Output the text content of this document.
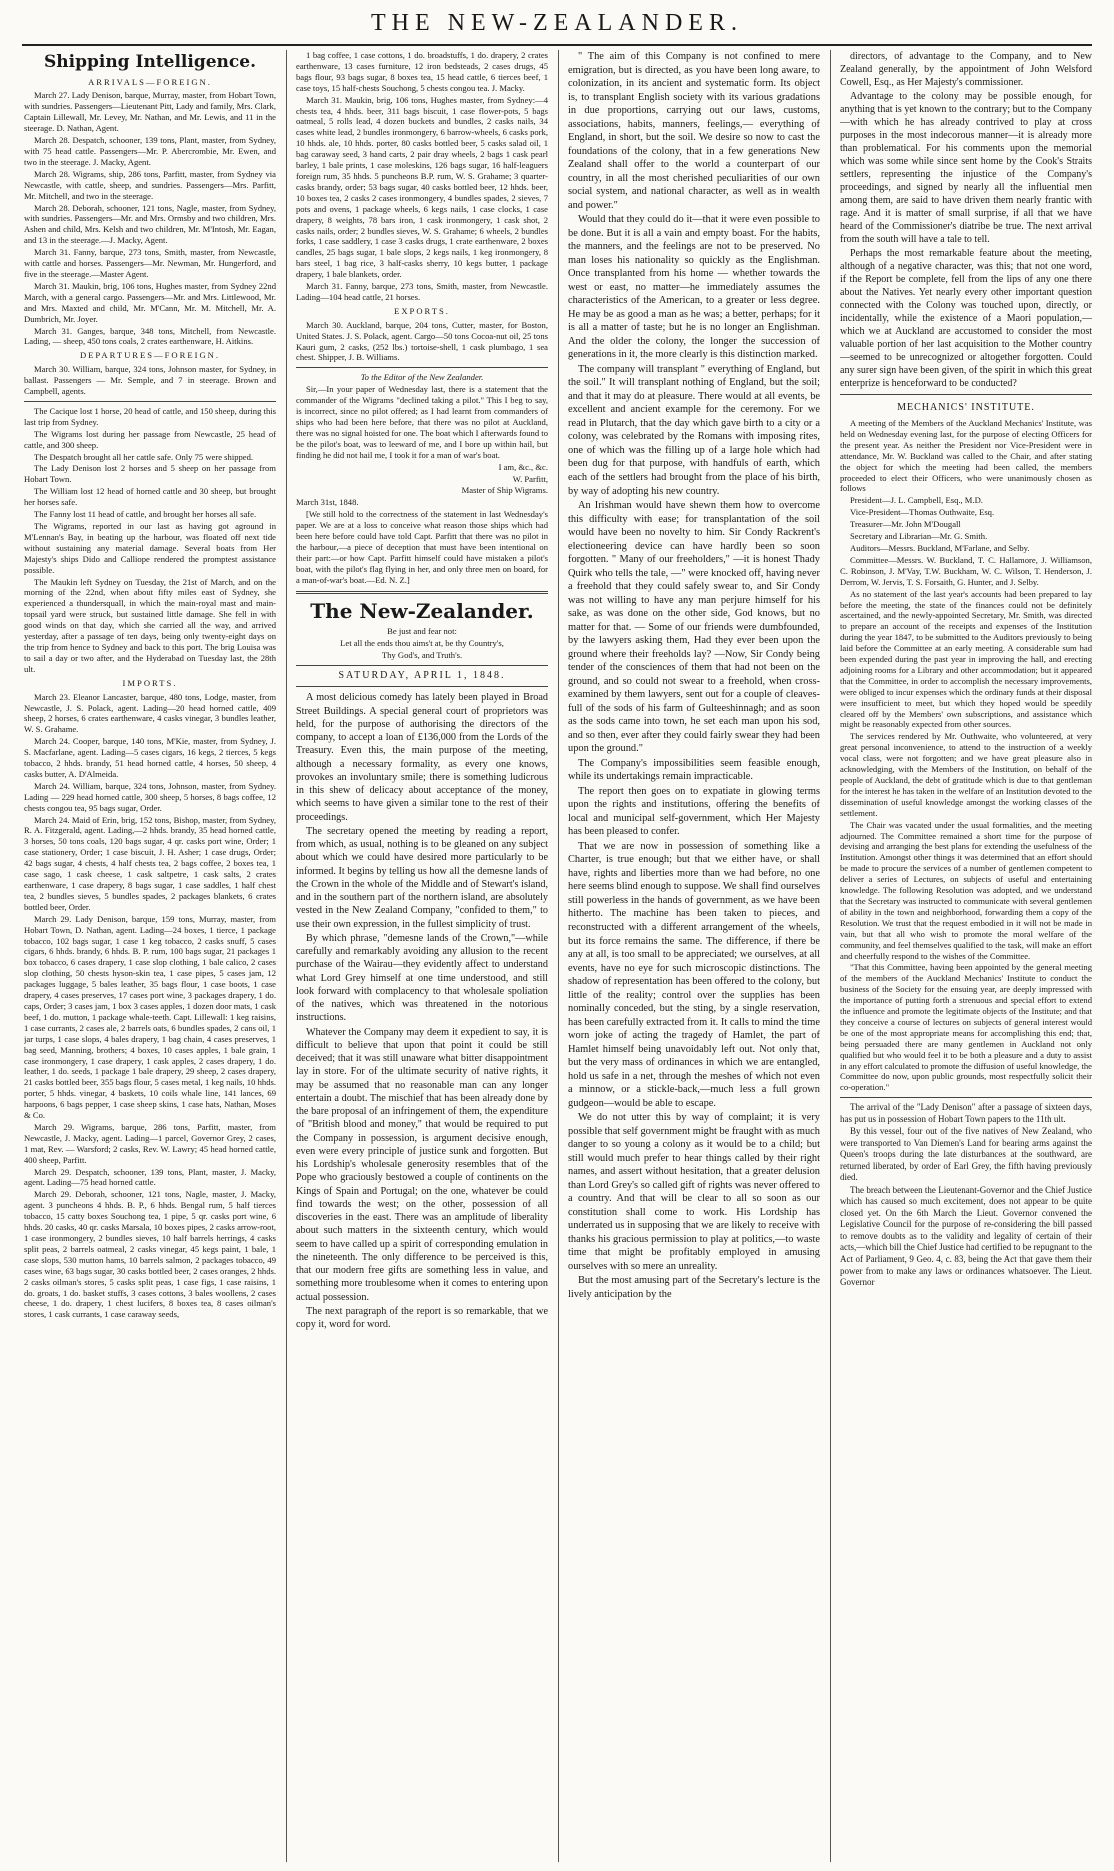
THE NEW-ZEALANDER.
Shipping Intelligence.
ARRIVALS—FOREIGN.

March 27. Lady Denison, barque, Murray, master, from Hobart Town, with sundries. Passengers—Lieutenant Pitt, Lady and family, Mrs. Clark, Captain Lillewall, Mr. Levey, Mr. Nathan, and Mr. Lewis, and 11 in the steerage. D. Nathan, Agent.

March 28. Despatch, schooner, 139 tons, Plant, master, from Sydney, with 75 head cattle. Passengers—Mr. P. Abercrombie, Mr. Ewen, and two in the steerage. J. Macky, Agent.

March 28. Wigrams, ship, 286 tons, Parfitt, master, from Sydney via Newcastle, with cattle, sheep, and sundries. Passengers—Mrs. Parfitt, Mr. Mitchell, and two in the steerage.

March 28. Deborah, schooner, 121 tons, Nagle, master, from Sydney, with sundries. Passengers—Mr. and Mrs. Ormsby and two children, Mrs. Ashen and child, Mrs. Kelsh and two children, Mr. M'Intosh, Mr. Eagan, and 13 in the steerage.—J. Macky, Agent.

March 31. Fanny, barque, 273 tons, Smith, master, from Newcastle, with cattle and horses. Passengers—Mr. Newman, Mr. Hungerford, and five in the steerage.—Master Agent.

March 31. Maukin, brig, 106 tons, Hughes master, from Sydney 22nd March, with a general cargo. Passengers—Mr. and Mrs. Littlewood, Mr. and Mrs. Maxted and child, Mr. M'Cann, Mr. M. Mitchell, Mr. A. Dumbrich, Mr. Joyer.

March 31. Ganges, barque, 348 tons, Mitchell, from Newcastle. Lading, — sheep, 450 tons coals, 2 crates earthenware, H. Aitkins.

DEPARTURES—FOREIGN.

March 30. William, barque, 324 tons, Johnson master, for Sydney, in ballast. Passengers — Mr. Semple, and 7 in steerage. Brown and Campbell, agents.

The Cacique lost 1 horse, 20 head of cattle, and 150 sheep, during this last trip from Sydney.

The Wigrams lost during her passage from Newcastle, 25 head of cattle, and 300 sheep.

The Despatch brought all her cattle safe. Only 75 were shipped.

The Lady Denison lost 2 horses and 5 sheep on her passage from Hobart Town.

The William lost 12 head of horned cattle and 30 sheep, but brought her horses safe.

The Fanny lost 11 head of cattle, and brought her horses all safe.

The Wigrams, reported in our last as having got aground in M'Lennan's Bay, in beating up the harbour, was floated off next tide without sustaining any material damage. Several boats from Her Majesty's ships Dido and Calliope rendered the promptest assistance possible.

The Maukin left Sydney on Tuesday, the 21st of March, and on the morning of the 22nd, when about fifty miles east of Sydney, she experienced a thundersquall, in which the main-royal mast and main-topsail yard were struck, but sustained little damage. She fell in with good winds on that day, which she carried all the way, and arrived yesterday, after a passage of ten days, being only twenty-eight days on the trip from hence to Sydney and back to this port. The brig Louisa was to sail a day or two after, and the Hyderabad on Tuesday last, the 28th ult.

IMPORTS.

March 23. Eleanor Lancaster, barque, 480 tons, Lodge, master, from Newcastle, J. S. Polack, agent. Lading—20 head horned cattle, 409 sheep, 2 horses, 6 crates earthenware, 4 casks vinegar, 3 bundles leather, W. S. Grahame.

March 24. Cooper, barque, 140 tons, M'Kie, master, from Sydney, J. S. Macfarlane, agent. Lading—5 cases cigars, 16 kegs, 2 tierces, 5 kegs tobacco, 2 hhds. brandy, 51 head horned cattle, 4 horses, 50 sheep, 4 casks butter, A. D'Almeida.

March 24. William, barque, 324 tons, Johnson, master, from Sydney. Lading — 229 head horned cattle, 300 sheep, 5 horses, 8 bags coffee, 12 chests congou tea, 95 bags sugar, Order.

March 24. Maid of Erin, brig, 152 tons, Bishop, master, from Sydney, R. A. Fitzgerald, agent. Lading,—2 hhds. brandy, 35 head horned cattle, 3 horses, 50 tons coals, 120 bags sugar, 4 qr. casks port wine, Order; 1 case stationery, Order; 1 case biscuit, J. H. Asher; 1 case drugs, Order; 42 bags sugar, 4 chests, 4 half chests tea, 2 bags coffee, 2 boxes tea, 1 case sago, 1 cask cheese, 1 cask saltpetre, 1 cask salts, 2 crates earthenware, 1 case drapery, 8 bags sugar, 1 case saddles, 1 half chest tea, 2 bundles sieves, 5 bundles spades, 2 packages blankets, 6 crates bottled beer, Order.

March 29. Lady Denison, barque, 159 tons, Murray, master, from Hobart Town, D. Nathan, agent. Lading—24 boxes, 1 tierce, 1 package tobacco, 102 bags sugar, 1 case 1 keg tobacco, 2 casks snuff, 5 cases cigars, 6 hhds. brandy, 6 hhds. B. P. rum, 100 bags sugar, 21 packages 1 box tobacco, 6 cases drapery, 1 case slop clothing, 1 bale calico, 2 cases slop clothing, 50 chests hyson-skin tea, 1 case pipes, 5 cases jam, 12 packages luggage, 5 bales leather, 35 bags flour, 1 case boots, 1 case drapery, 4 cases preserves, 17 cases port wine, 3 packages drapery, 1 do. caps, Order; 3 cases jam, 1 box 3 cases apples, 1 dozen door mats, 1 cask beef, 1 do. mutton, 1 package whale-teeth. Capt. Lillewall: 1 keg raisins, 1 case currants, 2 cases ale, 2 barrels oats, 6 bundles spades, 2 cans oil, 1 jar turps, 1 case slops, 4 bales drapery, 1 bag chain, 4 cases preserves, 1 bag seed, Manning, brothers; 4 boxes, 10 cases apples, 1 bale grain, 1 case ironmongery, 1 case drapery, 1 cask apples, 2 cases drapery, 1 do. leather, 1 do. seeds, 1 package 1 bale drapery, 29 sheep, 2 cases drapery, 21 casks bottled beer, 355 bags flour, 5 cases metal, 1 keg nails, 10 hhds. porter, 5 hhds. vinegar, 4 baskets, 10 coils whale line, 141 lances, 69 harpoons, 6 bags pepper, 1 case sheep skins, 1 case hats, Nathan, Moses & Co.

March 29. Wigrams, barque, 286 tons, Parfitt, master, from Newcastle, J. Macky, agent. Lading—1 parcel, Governor Grey, 2 cases, 1 mat, Rev. — Warsford; 2 casks, Rev. W. Lawry; 45 head horned cattle, 400 sheep, Parfitt.

March 29. Despatch, schooner, 139 tons, Plant, master, J. Macky, agent. Lading—75 head horned cattle.

March 29. Deborah, schooner, 121 tons, Nagle, master, J. Macky, agent. 3 puncheons 4 hhds. B. P., 6 hhds. Bengal rum, 5 half tierces tobacco, 15 catty boxes Souchong tea, 1 pipe, 5 qr. casks port wine, 6 hhds. 20 casks, 40 qr. casks Marsala, 10 boxes pipes, 2 casks arrow-root, 1 case ironmongery, 2 bundles sieves, 10 half barrels herrings, 4 casks split peas, 2 barrels oatmeal, 2 casks vinegar, 45 kegs paint, 1 bale, 1 case slops, 530 mutton hams, 10 barrels salmon, 2 packages tobacco, 49 cases wine, 63 bags sugar, 30 casks bottled beer, 2 cases oranges, 2 hhds. 2 casks oilman's stores, 5 casks split peas, 1 case figs, 1 case raisins, 1 do. groats, 1 do. basket stuffs, 3 cases cottons, 3 bales woollens, 2 cases cheese, 1 do. drapery, 1 chest lucifers, 8 boxes tea, 8 cases oilman's stores, 1 cask currants, 1 case caraway seeds,

1 bag coffee, 1 case cottons, 1 do. broadstuffs, 1 do. drapery, 2 crates earthenware, 13 cases furniture, 12 iron bedsteads, 2 cases drugs, 45 bags flour, 93 bags sugar, 8 boxes tea, 15 head cattle, 6 tierces beef, 1 case toys, 15 half-chests Souchong, 5 chests congou tea. J. Macky.

March 31. Maukin, brig, 106 tons, Hughes master, from Sydney:—4 chests tea, 4 hhds. beer, 311 bags biscuit, 1 case flower-pots, 5 bags oatmeal, 5 rolls lead, 4 dozen buckets and bundles, 2 casks nails, 34 cases white lead, 2 bundles ironmongery, 6 barrow-wheels, 6 casks pork, 10 hhds. ale, 10 hhds. porter, 80 casks bottled beer, 5 casks salad oil, 1 bag caraway seed, 3 hand carts, 2 pair dray wheels, 2 bags 1 cask pearl barley, 1 bale prints, 1 case moleskins, 126 bags sugar, 16 half-leaguers foreign rum, 35 hhds. 5 puncheons B.P. rum, W. S. Grahame; 3 quarter-casks brandy, order; 53 bags sugar, 40 casks bottled beer, 12 hhds. beer, 10 boxes tea, 2 casks 2 cases ironmongery, 4 bundles spades, 2 sieves, 7 pots and ovens, 1 package wheels, 6 kegs nails, 1 case clocks, 1 case drapery, 8 weights, 78 bars iron, 1 cask ironmongery, 1 cask shot, 2 casks nails, order; 2 bundles sieves, W. S. Grahame; 6 wheels, 2 bundles forks, 1 case saddlery, 1 case 3 casks drugs, 1 crate earthenware, 2 boxes candles, 25 bags sugar, 1 bale slops, 2 kegs nails, 1 keg ironmongery, 8 bars steel, 1 bag rice, 3 half-casks sherry, 10 kegs butter, 1 package drapery, 1 bale blankets, order.

March 31. Fanny, barque, 273 tons, Smith, master, from Newcastle. Lading—104 head cattle, 21 horses.

EXPORTS.

March 30. Auckland, barque, 204 tons, Cutter, master, for Boston, United States. J. S. Polack, agent. Cargo—50 tons Cocoa-nut oil, 25 tons Kauri gum, 2 casks, (252 lbs.) tortoise-shell, 1 cask plumbago, 1 sea chest. Shipper, J. B. Williams.

To the Editor of the New Zealander.

Sir,—In your paper of Wednesday last, there is a statement that the commander of the Wigrams "declined taking a pilot." This I beg to say, is incorrect, since no pilot offered; as I had learnt from commanders of ships who had been here before, that there was no pilot at Auckland, there was no signal hoisted for one. The boat which I afterwards found to be the pilot's boat, was to leeward of me, and I bore up within hail, but finding he did not hail me, I took it for a man of war's boat.

I am, &c., &c.

W. Parfitt,

Master of Ship Wigrams.

March 31st, 1848.

[We still hold to the correctness of the statement in last Wednesday's paper. We are at a loss to conceive what reason those ships which had been here before could have told Capt. Parfitt that there was no pilot in the harbour,—a piece of deception that must have been intentional on their part:—or how Capt. Parfitt himself could have mistaken a pilot's boat, with the pilot's flag flying in her, and only three men on board, for a man-of-war's boat.—Ed. N. Z.]

The New-Zealander.

Be just and fear not:

Let all the ends thou aims't at, be thy Country's,

Thy God's, and Truth's.

SATURDAY, APRIL 1, 1848.

A most delicious comedy has lately been played in Broad Street Buildings. A special general court of proprietors was held, for the purpose of authorising the directors of the company, to accept a loan of £136,000 from the Lords of the Treasury. Even this, the main purpose of the meeting, although a necessary formality, as every one knows, provokes an involuntary smile; there is something ludicrous in this shew of delicacy about acceptance of the money, which seems to have given a similar tone to the rest of their proceedings.

The secretary opened the meeting by reading a report, from which, as usual, nothing is to be gleaned on any subject about which we could have desired more particularly to be informed. It begins by telling us how all the demesne lands of the Crown in the whole of the Middle and of Stewart's island, and in the southern part of the northern island, are absolutely vested in the New Zealand Company, "confided to them," to use their own expression, in the fullest simplicity of trust.

By which phrase, "demesne lands of the Crown,"—while carefully and remarkably avoiding any allusion to the recent purchase of the Wairau—they evidently affect to understand what Lord Grey himself at one time understood, and still look forward with complacency to that wholesale spoliation of the natives, which was threatened in the notorious instructions.

Whatever the Company may deem it expedient to say, it is difficult to believe that upon that point it could be still deceived; that it was still unaware what bitter disappointment lay in store. For of the ultimate security of native rights, it may be assumed that no reasonable man can any longer entertain a doubt. The mischief that has been already done by the bare proposal of an infringement of them, the expenditure of "British blood and money," that would be required to put the Company in possession, is argument decisive enough, even were every principle of justice sunk and forgotten. But his Lordship's wholesale generosity resembles that of the Pope who graciously bestowed a couple of continents on the Kings of Spain and Portugal; on the one, whatever be could find towards the west; on the other, possession of all discoveries in the east. There was an amplitude of liberality about such matters in the sixteenth century, which would seem to have called up a spirit of corresponding emulation in the nineteenth. The only difference to be perceived is this, that our modern free gifts are something less in value, and something more troublesome when it comes to entering upon actual possession.

The next paragraph of the report is so remarkable, that we copy it, word for word.

" The aim of this Company is not confined to mere emigration, but is directed, as you have been long aware, to colonization, in its ancient and systematic form. Its object is, to transplant English society with its various gradations in due proportions, carrying out our laws, customs, associations, habits, manners, feelings,— everything of England, in short, but the soil. We desire so now to cast the foundations of the colony, that in a few generations New Zealand shall offer to the world a counterpart of our country, in all the most cherished peculiarities of our own social system, and national character, as well as in wealth and power."

Would that they could do it—that it were even possible to be done. But it is all a vain and empty boast. For the habits, the manners, and the feelings are not to be preserved. No man loses his nationality so quickly as the Englishman. Once transplanted from his home — whether towards the west or east, no matter—he immediately assumes the characteristics of the American, to a greater or less degree. He may be as good a man as he was; a better, perhaps; for it is all a matter of taste; but he is no longer an Englishman. And the older the colony, the longer the succession of generations in it, the more clearly is this distinction marked.

The company will transplant " everything of England, but the soil." It will transplant nothing of England, but the soil; and that it may do at pleasure. There would at all events, be excellent and ancient example for the ceremony. For we read in Plutarch, that the day which gave birth to a city or a colony, was celebrated by the Romans with imposing rites, one of which was the filling up of a large hole which had been dug for that purpose, with handfuls of earth, which each of the settlers had brought from the place of his birth, by way of adopting his new country.

An Irishman would have shewn them how to overcome this difficulty with ease; for transplantation of the soil would have been no novelty to him. Sir Condy Rackrent's electioneering device can have hardly been so soon forgotten. " Many of our freeholders," —it is honest Thady Quirk who tells the tale, —" were knocked off, having never a freehold that they could safely swear to, and Sir Condy was not willing to have any man perjure himself for his sake, as was done on the other side, God knows, but no matter for that. — Some of our friends were dumbfounded, by the lawyers asking them, Had they ever been upon the ground where their freeholds lay? —Now, Sir Condy being tender of the consciences of them that had not been on the ground, and so could not swear to a freehold, when cross-examined by them lawyers, sent out for a couple of cleaves-full of the sods of his farm of Gulteeshinnagh; and as soon as the sods came into town, he set each man upon his sod, and so then, ever after they could fairly swear they had been upon the ground."

The Company's impossibilities seem feasible enough, while its undertakings remain impracticable.

The report then goes on to expatiate in glowing terms upon the rights and institutions, offering the benefits of local and municipal self-government, which Her Majesty has been pleased to confer.

That we are now in possession of something like a Charter, is true enough; but that we either have, or shall have, rights and liberties more than we had before, no one here seems blind enough to suppose. We shall find ourselves still powerless in the hands of government, as we have been hitherto. The machine has been taken to pieces, and reconstructed with a different arrangement of the wheels, but its force remains the same. The difference, if there be any at all, is too small to be appreciated; we ourselves, at all events, have no eye for such microscopic distinctions. The shadow of representation has been offered to the colony, but little of the reality; control over the supplies has been nominally conceded, but the sting, by a single reservation, has been carefully extracted from it. It calls to mind the time worn joke of acting the tragedy of Hamlet, the part of Hamlet himself being unavoidably left out. Not only that, but the very mass of ordinances in which we are entangled, hold us safe in a net, through the meshes of which not even a minnow, or a stickle-back,—much less a full grown gudgeon—would be able to escape.

We do not utter this by way of complaint; it is very possible that self government might be fraught with as much danger to so young a colony as it would be to a child; but still would much prefer to hear things called by their right names, and assert without hesitation, that a greater delusion than Lord Grey's so called gift of rights was never offered to a country. And that will be clear to all so soon as our constitution shall come to work. His Lordship has underrated us in supposing that we are likely to receive with thanks his gracious permission to play at politics,—to waste time that might be profitably employed in amusing ourselves with so mere an unreality.

But the most amusing part of the Secretary's lecture is the lively anticipation by the

directors, of advantage to the Company, and to New Zealand generally, by the appointment of John Welsford Cowell, Esq., as Her Majesty's commissioner.

Advantage to the colony may be possible enough, for anything that is yet known to the contrary; but to the Company—with which he has already contrived to play at cross purposes in the most indecorous manner—it is already more than problematical. For his comments upon the memorial which was some while since sent home by the Cook's Straits settlers, representing the injustice of the Company's proceedings, and signed by nearly all the influential men among them, are said to have driven them nearly frantic with rage. And it is matter of small surprise, if all that we have heard of the Commissioner's diatribe be true. The next arrival from the south will have a tale to tell.

Perhaps the most remarkable feature about the meeting, although of a negative character, was this; that not one word, if the Report be complete, fell from the lips of any one there about the Natives. Yet nearly every other important question connected with the Colony was touched upon, directly, or incidentally, while the existence of a Maori population,—which we at Auckland are accustomed to consider the most valuable portion of her last acquisition to the Mother country—seemed to be unrecognized or altogether forgotten. Could any surer sign have been given, of the spirit in which this great enterprize is henceforward to be conducted?

MECHANICS' INSTITUTE.

A meeting of the Members of the Auckland Mechanics' Institute, was held on Wednesday evening last, for the purpose of electing Officers for the present year. As neither the President nor Vice-President were in attendance, Mr. W. Buckland was called to the Chair, and after stating the object for which the meeting had been called, the members proceeded to elect their Officers, who were unanimously chosen as follows

President—J. L. Campbell, Esq., M.D.

Vice-President—Thomas Outhwaite, Esq.

Treasurer—Mr. John M'Dougall

Secretary and Librarian—Mr. G. Smith.

Auditors—Messrs. Buckland, M'Farlane, and Selby.

Committee—Messrs. W. Buckland, T. C. Hallamore, J. Williamson, C. Robinson, J. M'Vay, T.W. Buckham, W. C. Wilson, T. Henderson, J. Derrom, W. Jervis, T. S. Forsaith, G. Hunter, and J. Selby.

As no statement of the last year's accounts had been prepared to lay before the meeting, the state of the finances could not be definitely ascertained, and the newly-appointed Secretary, Mr. Smith, was directed to prepare an account of the receipts and expenses of the Institution during the year 1847, to be submitted to the Auditors previously to being laid before the Committee at an early meeting. A considerable sum had been expended during the past year in improving the hall, and erecting adjoining rooms for a Library and other accommodation; but it appeared that the Committee, in order to accomplish the necessary improvements, were obliged to incur expenses which the ordinary funds at their disposal were insufficient to meet, but which they hoped would be speedily cleared off by the Members' own subscriptions, and assistance which might be reasonably expected from other sources.

The services rendered by Mr. Outhwaite, who volunteered, at very great personal inconvenience, to attend to the instruction of a weekly vocal class, were not forgotten; and we have great pleasure also in acknowledging, with the Members of the Institution, on behalf of the people of Auckland, the debt of gratitude which is due to that gentleman for the interest he has taken in the welfare of an Institution devoted to the dissemination of useful knowledge amongst the working classes of the settlement.

The Chair was vacated under the usual formalities, and the meeting adjourned. The Committee remained a short time for the purpose of devising and arranging the best plans for extending the usefulness of the Institution. Amongst other things it was determined that an effort should be made to procure the services of a number of gentlemen competent to deliver a series of Lectures, on subjects of useful and entertaining knowledge. The following Resolution was adopted, and we understand that the Secretary was instructed to communicate with several gentlemen of ability in the town and neighborhood, forwarding them a copy of the Resolution. We trust that the request embodied in it will not be made in vain, but that all who wish to promote the moral welfare of the community, and feel themselves qualified to the task, will make an effort and cheerfully respond to the wishes of the Committee.

"That this Committee, having been appointed by the general meeting of the members of the Auckland Mechanics' Institute to conduct the business of the Society for the ensuing year, are deeply impressed with the importance of putting forth a strenuous and special effort to extend the influence and promote the legitimate objects of the Institute; and that they conceive a course of lectures on subjects of general interest would be one of the most appropriate means for accomplishing this end; that, being persuaded there are many gentlemen in Auckland not only qualified but who would feel it to be both a pleasure and a duty to assist in any effort calculated to promote the diffusion of useful knowledge, the Committee do now, upon public grounds, most respectfully solicit their co-operation."

The arrival of the "Lady Denison" after a passage of sixteen days, has put us in possession of Hobart Town papers to the 11th ult.

By this vessel, four out of the five natives of New Zealand, who were transported to Van Diemen's Land for bearing arms against the Queen's troops during the late disturbances at the southward, are returned liberated, by order of Earl Grey, the fifth having previously died.

The breach between the Lieutenant-Governor and the Chief Justice which has caused so much excitement, does not appear to be quite closed yet. On the 6th March the Lieut. Governor convened the Legislative Council for the purpose of re-considering the bill passed to remove doubts as to the validity and legality of certain of their acts,—which bill the Chief Justice had certified to be repugnant to the Act of Parliament, 9 Geo. 4, c. 83, being the Act that gave them their power from to make any laws or ordinances whatsoever. The Lieut. Governor
